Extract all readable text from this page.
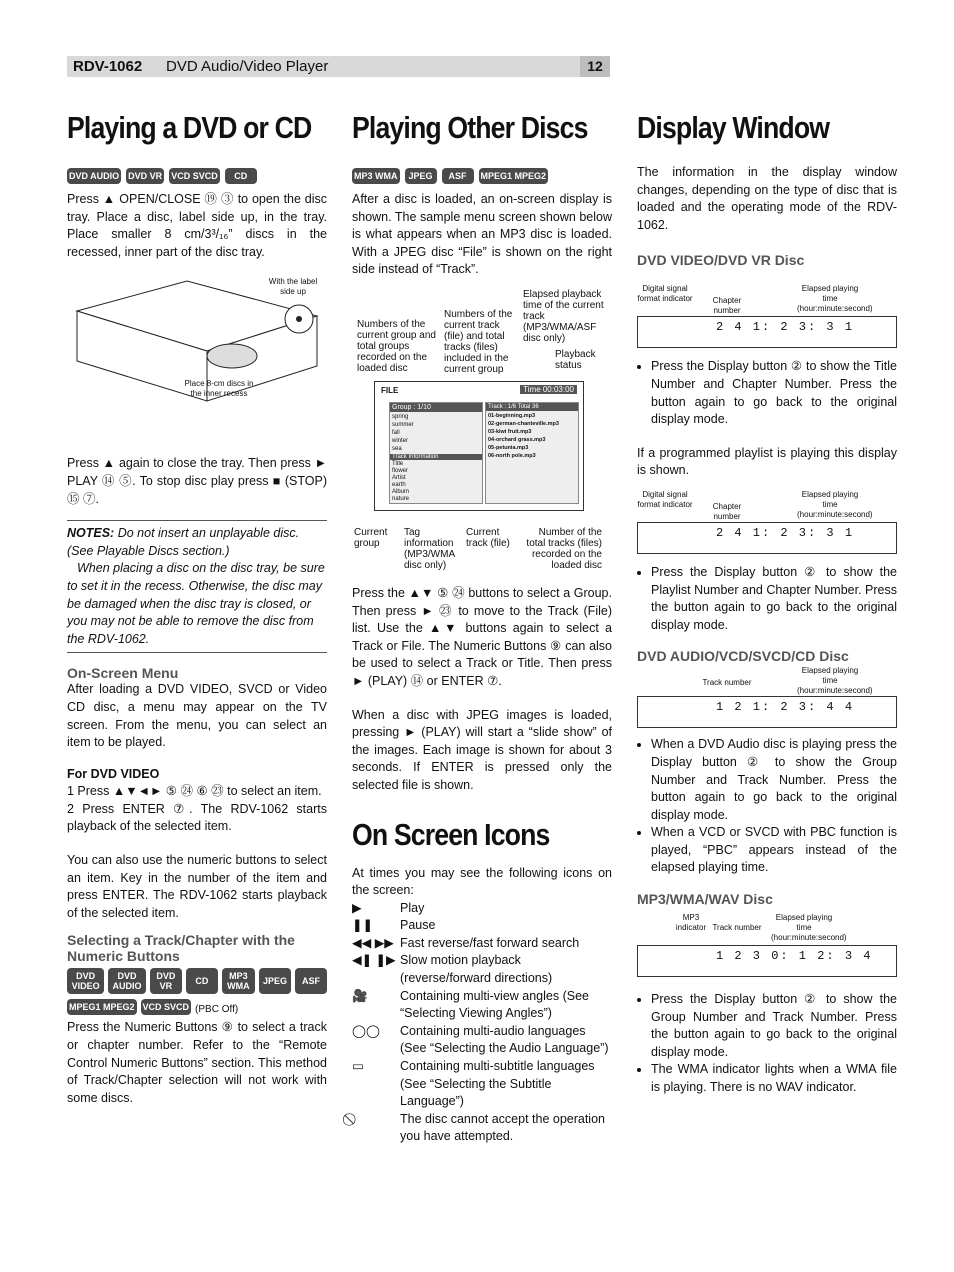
RDV-1062 DVD Audio/Video Player	12
Playing a DVD or CD
DVD AUDIO DVD VR VCD SVCD	CD

Press ▲ OPEN/CLOSE ⑲ ③ to open the disc tray. Place a disc, label side up, in the tray. Place smaller 8 cm/3³/₁₆” discs in the recessed, inner part of the disc tray.

With the label side up
Place 8-cm discs in the inner recess

Press ▲ again to close the tray. Then press ► PLAY ⑭ ⑤. To stop disc play press ■ (STOP) ⑮ ⑦.

NOTES: Do not insert an unplayable disc. (See Playable Discs section.)

When placing a disc on the disc tray, be sure to set it in the recess. Otherwise, the disc may be damaged when the disc tray is closed, or you may not be able to remove the disc from the RDV-1062.

On-Screen Menu

After loading a DVD VIDEO, SVCD or Video CD disc, a menu may appear on the TV screen. From the menu, you can select an item to be played.

For DVD VIDEO

1 Press ▲▼◄► ⑤ ㉔ ⑥ ㉓ to select an item.

2 Press ENTER ⑦. The RDV-1062 starts playback of the selected item.

You can also use the numeric buttons to select an item. Key in the number of the item and press ENTER. The RDV-1062 starts playback of the selected item.

Selecting a Track/Chapter with the Numeric Buttons
DVD VIDEO
DVD AUDIO
DVD VR	CD	MP3 WMA	JPEG	ASF
MPEG1 MPEG2 VCD SVCD (PBC Off)

Press the Numeric Buttons ⑨ to select a track or chapter number. Refer to the “Remote Control Numeric Buttons” section. This method of Track/Chapter selection will not work with some discs.

Playing Other Discs
MP3 WMA	JPEG	ASF	MPEG1 MPEG2

After a disc is loaded, an on-screen display is shown. The sample menu screen shown below is what appears when an MP3 disc is loaded. With a JPEG disc “File” is shown on the right side instead of “Track”.

Numbers of the current group and total groups recorded on the loaded disc
Numbers of the current track (file) and total tracks (files) included in the current group
Elapsed playback time of the current track (MP3/WMA/ASF disc only)
Playback status
FILE	Time 00:03:00
Group : 1/10
spring
summer
fall
winter
sea
Track Information
Title
flower
Artist
earth
Album
nature
Track : 1/6 Total 36
01-beginning.mp3
02-german-chanteville.mp3
03-kiwi fruit.mp3
04-orchard grass.mp3
05-petunia.mp3
06-north pole.mp3
Current group
Tag information (MP3/WMA disc only)
Current track (file)
Number of the total tracks (files) recorded on the loaded disc

Press the ▲▼ ⑤ ㉔ buttons to select a Group. Then press ► ㉓ to move to the Track (File) list. Use the ▲▼ buttons again to select a Track or File. The Numeric Buttons ⑨ can also be used to select a Track or Title. Then press ► (PLAY) ⑭ or ENTER ⑦.

When a disc with JPEG images is loaded, pressing ► (PLAY) will start a “slide show” of the images. Each image is shown for about 3 seconds. If ENTER is pressed only the selected file is shown.

On Screen Icons

At times you may see the following icons on the screen:

▶	Play
❚❚	Pause
◀◀ ▶▶	Fast reverse/fast forward search
◀❚ ❚▶	Slow motion playback (reverse/forward directions)
🎥	Containing multi-view angles (See “Selecting Viewing Angles”)
◯◯	Containing multi-audio languages (See “Selecting the Audio Language”)
▭	Containing multi-subtitle languages (See “Selecting the Subtitle Language”)
	The disc cannot accept the operation you have attempted.
Display Window

The information in the display window changes, depending on the type of disc that is loaded and the operating mode of the RDV-1062.

DVD VIDEO/DVD VR Disc
Digital signal format indicator	Chapter number
Elapsed playing time (hour:minute:second)
2 4 1: 2 3: 3 1
• Press the Display button ② to show the Title Number and Chapter Number. Press the button again to go back to the original display mode.

If a programmed playlist is playing this display is shown.

Digital signal format indicator	Chapter number
Elapsed playing time (hour:minute:second)
2 4 1: 2 3: 3 1
• Press the Display button ② to show the Playlist Number and Chapter Number. Press the button again to go back to the original display mode.
DVD AUDIO/VCD/SVCD/CD Disc
Track number
Elapsed playing time (hour:minute:second)
1 2 1: 2 3: 4 4
• When a DVD Audio disc is playing press the Display button ② to show the Group Number and Track Number. Press the button again to go back to the original display mode.
• When a VCD or SVCD with PBC function is played, “PBC” appears instead of the elapsed playing time.
MP3/WMA/WAV Disc
MP3 indicator Track number
Elapsed playing time (hour:minute:second)
1 2 3 0: 1 2: 3 4
• Press the Display button ② to show the Group Number and Track Number. Press the button again to go back to the original display mode.
• The WMA indicator lights when a WMA file is playing. There is no WAV indicator.
